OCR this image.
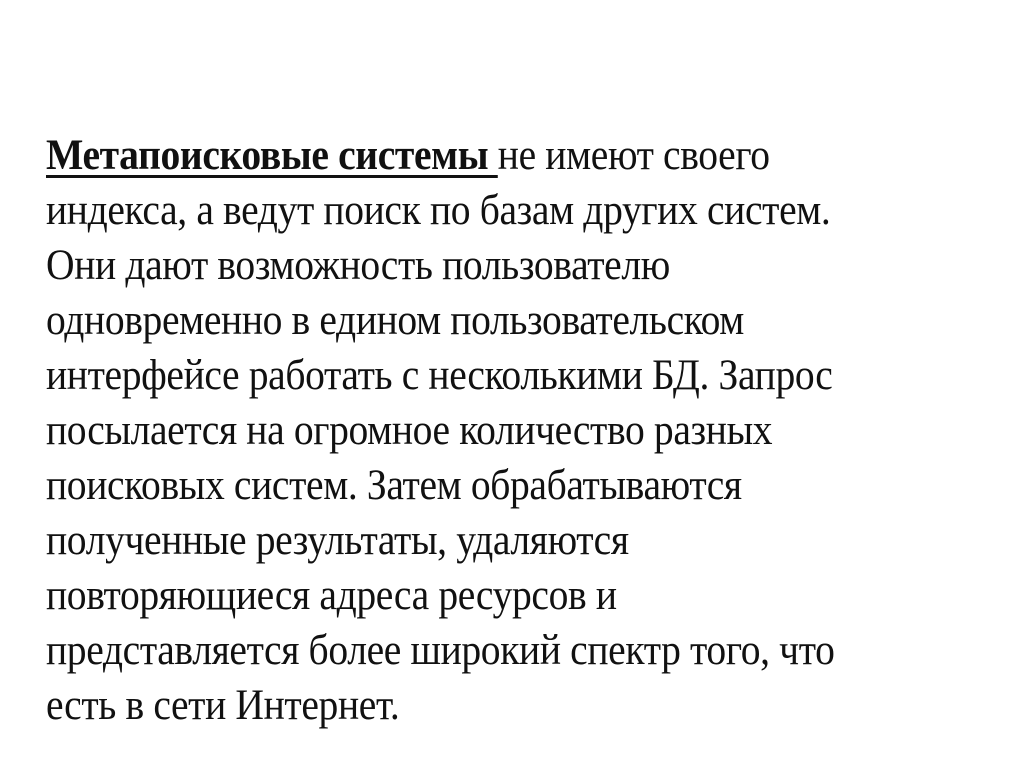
Метапоисковые системы не имеют своего
индекса, а ведут поиск по базам других систем.
Они дают возможность пользователю
одновременно в едином пользовательском
интерфейсе работать с несколькими БД. Запрос
посылается на огромное количество разных
поисковых систем. Затем обрабатываются
полученные результаты, удаляются
повторяющиеся адреса ресурсов и
представляется более широкий спектр того, что
есть в сети Интернет.
